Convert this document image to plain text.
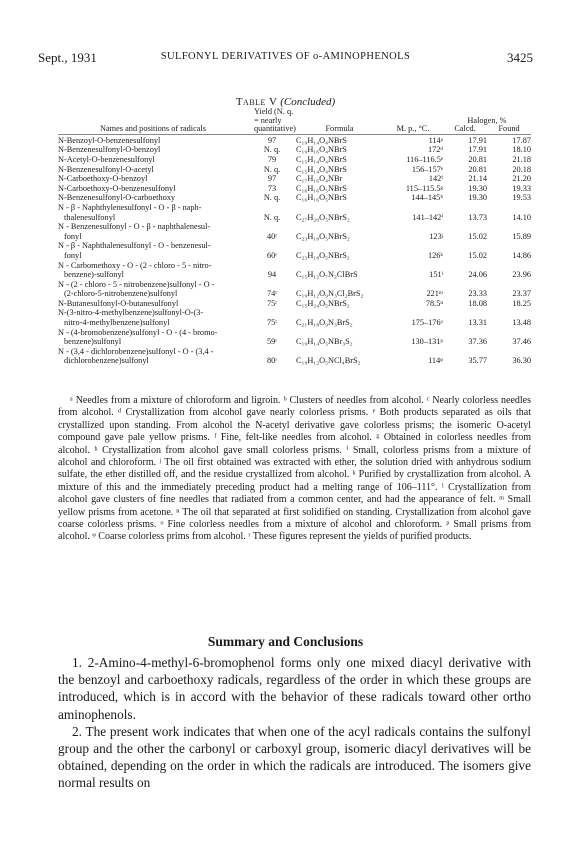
Sept., 1931	SULFONYL DERIVATIVES OF o-AMINOPHENOLS	3425
Table V (Concluded)
Names and positions of radicals	Yield (N. q. = nearly quantitative)	Formula	M. p., °C.	Halogen, %
Calcd. Found	

N-Benzoyl-O-benzenesulfonyl	97	C₁₉H₁₄O₄NBrS	114ᵃ	17.91	17.87
N-Benzenesulfonyl-O-benzoyl	N. q.	C₁₉H₁₆O₄NBrS	172ᵈ	17.91	18.10
N-Acetyl-O-benzenesulfonyl	79	C₁₅H₁₄O₄NBrS	116–116.5ᵉ	20.81	21.18
N-Benzenesulfonyl-O-acetyl	N. q.	C₁₅H₁₄O₄NBrS	156–157ᵉ	20.81	20.18
N-Carboethoxy-O-benzoyl	97	C₁₇H₁₆O₄NBr	142ᶠ	21.14	21.20
N-Carboethoxy-O-benzenesulfonyl	73	C₁₆H₁₆O₅NBrS	115–115.5ᵍ	19.30	19.33
N-Benzenesulfonyl-O-carboethoxy	N. q.	C₁₆H₁₆O₅NBrS	144–145ʰ	19.30	19.53

N - β - Naphthylenesulfonyl - O - β - naph-
thalenesulfonyl	N. q.	C₂₇H₂₀O₅NBrS₂	141–142ⁱ	13.73	14.10

N - Benzenesulfonyl - O - β - naphthalenesul-
fonyl	40ʳ	C₂₃H₁₈O₅NBrS₂	123ʲ	15.02	15.89

N - β - Naphthalenesulfonyl - O - benzenesul-
fonyl	60ʳ	C₂₃H₁₈O₅NBrS₂	126ᵏ	15.02	14.86

N - Carbomethoxy - O - (2 - chloro - 5 - nitro-
benzene)-sulfonyl	94	C₁₅H₁₂O₇N₂ClBrS	151ˡ	24.06	23.96

N - (2 - chloro - 5 - nitrobenzene)sulfonyl - O -
(2-chloro-5-nitrobenzene)sulfonyl	74ʳ	C₁₉H₁₂O₉N₃Cl₂BrS₂	221ᵐ	23.33	23.37
N-Butanesulfonyl-O-butanesulfonyl	75ʳ	C₁₅H₂₄O₅NBrS₂	78.5ⁿ	18.08	18.25

N-(3-nitro-4-methylbenzene)sulfonyl-O-(3-
nitro-4-methylbenzene)sulfonyl	75ʳ	C₂₁H₁₈O₉N₃BrS₂	175–176ᵒ	13.31	13.48

N - (4-bromobenzene)sulfonyl - O - (4 - bromo-
benzene)sulfonyl	59ʳ	C₁₉H₁₄O₅NBr₃S₂	130–131ᵖ	37.36	37.46

N - (3,4 - dichlorobenzene)sulfonyl - O - (3,4 -
dichlorobenzene)sulfonyl	80ʳ	C₁₉H₁₂O₅NCl₄BrS₂	114ᵠ	35.77	36.30

ᵃ Needles from a mixture of chloroform and ligroin. ᵇ Clusters of needles from alcohol. ᶜ Nearly colorless needles from alcohol. ᵈ Crystallization from alcohol gave nearly colorless prisms. ᵉ Both products separated as oils that crystallized upon standing. From alcohol the N-acetyl derivative gave colorless prisms; the isomeric O-acetyl compound gave pale yellow prisms. ᶠ Fine, felt-like needles from alcohol. ᵍ Obtained in colorless needles from alcohol. ʰ Crystallization from alcohol gave small colorless prisms. ⁱ Small, colorless prisms from a mixture of alcohol and chloroform. ʲ The oil first obtained was extracted with ether, the solution dried with anhydrous sodium sulfate, the ether distilled off, and the residue crystallized from alcohol. ᵏ Purified by crystallization from alcohol. A mixture of this and the immediately preceding product had a melting range of 106–111°. ˡ Crystallization from alcohol gave clusters of fine needles that radiated from a common center, and had the appearance of felt. ᵐ Small yellow prisms from acetone. ⁿ The oil that separated at first solidified on standing. Crystallization from alcohol gave coarse colorless prisms. ᵒ Fine colorless needles from a mixture of alcohol and chloroform. ᵖ Small prisms from alcohol. ᵠ Coarse colorless prims from alcohol. ʳ These figures represent the yields of purified products.

Summary and Conclusions

1. 2-Amino-4-methyl-6-bromophenol forms only one mixed diacyl derivative with the benzoyl and carboethoxy radicals, regardless of the order in which these groups are introduced, which is in accord with the behavior of these radicals toward other ortho aminophenols.

2. The present work indicates that when one of the acyl radicals contains the sulfonyl group and the other the carbonyl or carboxyl group, isomeric diacyl derivatives will be obtained, depending on the order in which the radicals are introduced. The isomers give normal results on
